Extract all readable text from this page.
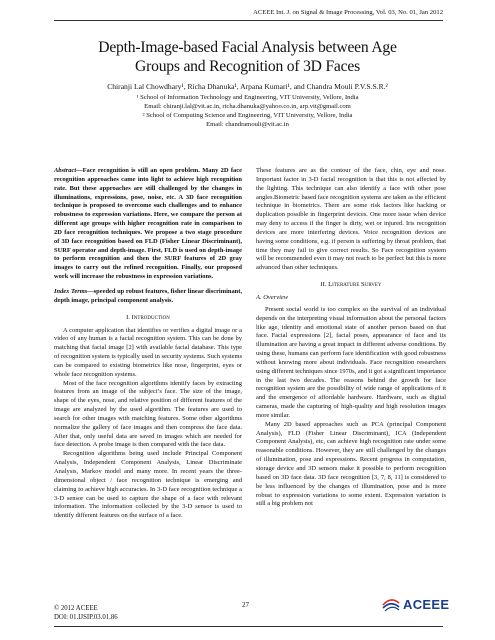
ACEEE Int. J. on Signal & Image Processing, Vol. 03, No. 01, Jan 2012
Depth-Image-based Facial Analysis between Age
Groups and Recognition of 3D Faces
Chiranji Lal Chowdhary¹, Richa Dhanuka¹, Arpana Kumari¹, and Chandra Mouli P.V.S.S.R.²
¹ School of Information Technology and Engineering, VIT University, Vellore, India
Email: chiranji.lal@vit.ac.in, richa.dhanuka@yahoo.co.in, arp.vit@gmail.com
² School of Computing Science and Engineering, VIT University, Vellore, India
Email: chandramouli@vit.ac.in

Abstract—Face recognition is still an open problem. Many 2D face recognition approaches came into light to achieve high recognition rate. But these approaches are still challenged by the changes in illuminations, expressions, pose, noise, etc. A 3D face recognition technique is proposed to overcome such challenges and to enhance robustness to expression variations. Here, we compare the person at different age groups with higher recognition rate in comparison to 2D face recognition techniques. We propose a two stage procedure of 3D face recognition based on FLD (Fisher Linear Discriminant), SURF operator and depth-image. First, FLD is used on depth-image to perform recognition and then the SURF features of 2D gray images to carry out the refined recognition. Finally, our proposed work will increase the robustness in expression variations.

Index Terms—speeded up robust features, fisher linear discriminant, depth image, principal component analysis.

I. Introduction

A computer application that identifies or verifies a digital image or a video of any human is a facial recognition system. This can be done by matching that facial image [2] with available facial database. This type of recognition system is typically used in security systems. Such systems can be compared to existing biometrics like nose, fingerprint, eyes or whole face recognition systems.

Most of the face recognition algorithms identify faces by extracting features from an image of the subject’s face. The size of the image, shape of the eyes, nose, and relative position of different features of the image are analyzed by the used algorithm. The features are used to search for other images with matching features. Some other algorithms normalize the gallery of face images and then compress the face data. After that, only useful data are saved in images which are needed for face detection. A probe image is then compared with the face data.

Recognition algorithms being used include Principal Component Analysis, Independent Component Analysis, Linear Discriminate Analysis, Markov model and many more. In recent years the three-dimensional object / face recognition technique is emerging and claiming to achieve high accuracies. In 3-D face recognition technique a 3-D sensor can be used to capture the shape of a face with relevant information. The information collected by the 3-D sensor is used to identify different features on the surface of a face.

These features are as the contour of the face, chin, eye and nose. Important factor in 3-D facial recognition is that this is not affected by the lighting. This technique can also identify a face with other pose angles.Biometric based face recognition systems are taken as the efficient technique in biometrics. There are some risk factors like hacking or duplication possible in fingerprint devices. One more issue when device may deny to access if the finger is dirty, wet or injured. Iris recognition devices are more interfering devices. Voice recognition devices are having some conditions, e.g. if person is suffering by throat problem, that time they may fail to give correct results. So Face recognition system will be recommended even it may not reach to be perfect but this is more advanced than other techniques.

II. Literature Survey

A. Overview

Present social world is too complex so the survival of an individual depends on the interpreting visual information about the personal factors like age, identity and emotional state of another person based on that face. Facial expressions [2], facial poses, appearance of face and its illumination are having a great impact in different adverse conditions. By using these, humans can perform face identification with good robustness without knowing more about individuals. Face recognition researchers using different techniques since 1970s, and it got a significant importance in the last two decades. The reasons behind the growth for face recognition system are the possibility of wide range of applications of it and the emergence of affordable hardware. Hardware, such as digital cameras, made the capturing of high-quality and high resolution images more similar.

Many 2D based approaches such as PCA (principal Component Analysis), FLD (Fisher Linear Discriminant), ICA (Independent Component Analysis), etc, can achieve high recognition rate under some reasonable conditions. However, they are still challenged by the changes of illumination, pose and expressions. Recent progress in computation, storage device and 3D sensors make it possible to perform recognition based on 3D face data. 3D face recognition [3, 7, 8, 11] is considered to be less influenced by the changes of illumination, pose and is more robust to expression variations to some extent. Expression variation is still a big problem not

© 2012 ACEEE
DOI: 01.IJSIP.03.01.86
27	ACEEE
